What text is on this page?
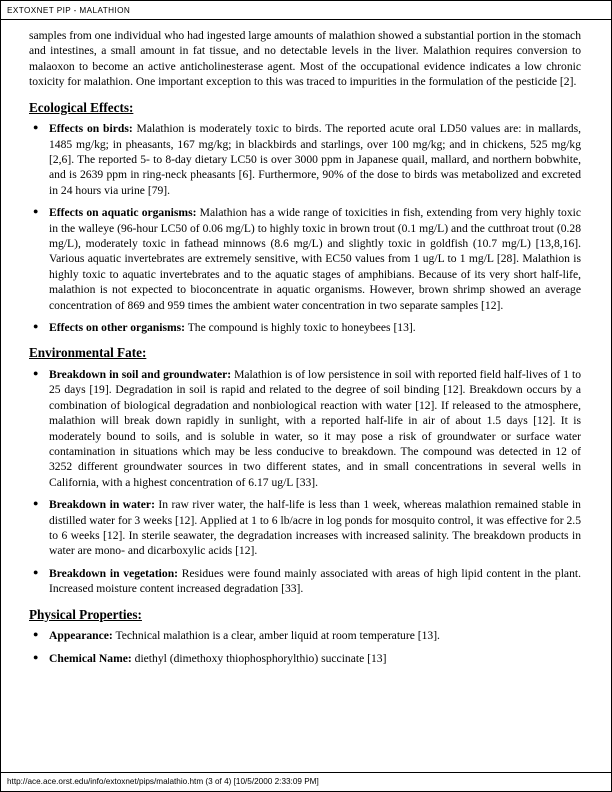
EXTOXNET PIP - MALATHION

samples from one individual who had ingested large amounts of malathion showed a substantial portion in the stomach and intestines, a small amount in fat tissue, and no detectable levels in the liver. Malathion requires conversion to malaoxon to become an active anticholinesterase agent. Most of the occupational evidence indicates a low chronic toxicity for malathion. One important exception to this was traced to impurities in the formulation of the pesticide [2].

Ecological Effects:
● Effects on birds: Malathion is moderately toxic to birds. The reported acute oral LD50 values are: in mallards, 1485 mg/kg; in pheasants, 167 mg/kg; in blackbirds and starlings, over 100 mg/kg; and in chickens, 525 mg/kg [2,6]. The reported 5- to 8-day dietary LC50 is over 3000 ppm in Japanese quail, mallard, and northern bobwhite, and is 2639 ppm in ring-neck pheasants [6]. Furthermore, 90% of the dose to birds was metabolized and excreted in 24 hours via urine [79].
● Effects on aquatic organisms: Malathion has a wide range of toxicities in fish, extending from very highly toxic in the walleye (96-hour LC50 of 0.06 mg/L) to highly toxic in brown trout (0.1 mg/L) and the cutthroat trout (0.28 mg/L), moderately toxic in fathead minnows (8.6 mg/L) and slightly toxic in goldfish (10.7 mg/L) [13,8,16]. Various aquatic invertebrates are extremely sensitive, with EC50 values from 1 ug/L to 1 mg/L [28]. Malathion is highly toxic to aquatic invertebrates and to the aquatic stages of amphibians. Because of its very short half-life, malathion is not expected to bioconcentrate in aquatic organisms. However, brown shrimp showed an average concentration of 869 and 959 times the ambient water concentration in two separate samples [12].
● Effects on other organisms: The compound is highly toxic to honeybees [13].
Environmental Fate:
● Breakdown in soil and groundwater: Malathion is of low persistence in soil with reported field half-lives of 1 to 25 days [19]. Degradation in soil is rapid and related to the degree of soil binding [12]. Breakdown occurs by a combination of biological degradation and nonbiological reaction with water [12]. If released to the atmosphere, malathion will break down rapidly in sunlight, with a reported half-life in air of about 1.5 days [12]. It is moderately bound to soils, and is soluble in water, so it may pose a risk of groundwater or surface water contamination in situations which may be less conducive to breakdown. The compound was detected in 12 of 3252 different groundwater sources in two different states, and in small concentrations in several wells in California, with a highest concentration of 6.17 ug/L [33].
● Breakdown in water: In raw river water, the half-life is less than 1 week, whereas malathion remained stable in distilled water for 3 weeks [12]. Applied at 1 to 6 lb/acre in log ponds for mosquito control, it was effective for 2.5 to 6 weeks [12]. In sterile seawater, the degradation increases with increased salinity. The breakdown products in water are mono- and dicarboxylic acids [12].
● Breakdown in vegetation: Residues were found mainly associated with areas of high lipid content in the plant. Increased moisture content increased degradation [33].
Physical Properties:
● Appearance: Technical malathion is a clear, amber liquid at room temperature [13].
● Chemical Name: diethyl (dimethoxy thiophosphorylthio) succinate [13]
http://ace.ace.orst.edu/info/extoxnet/pips/malathio.htm (3 of 4) [10/5/2000 2:33:09 PM]
